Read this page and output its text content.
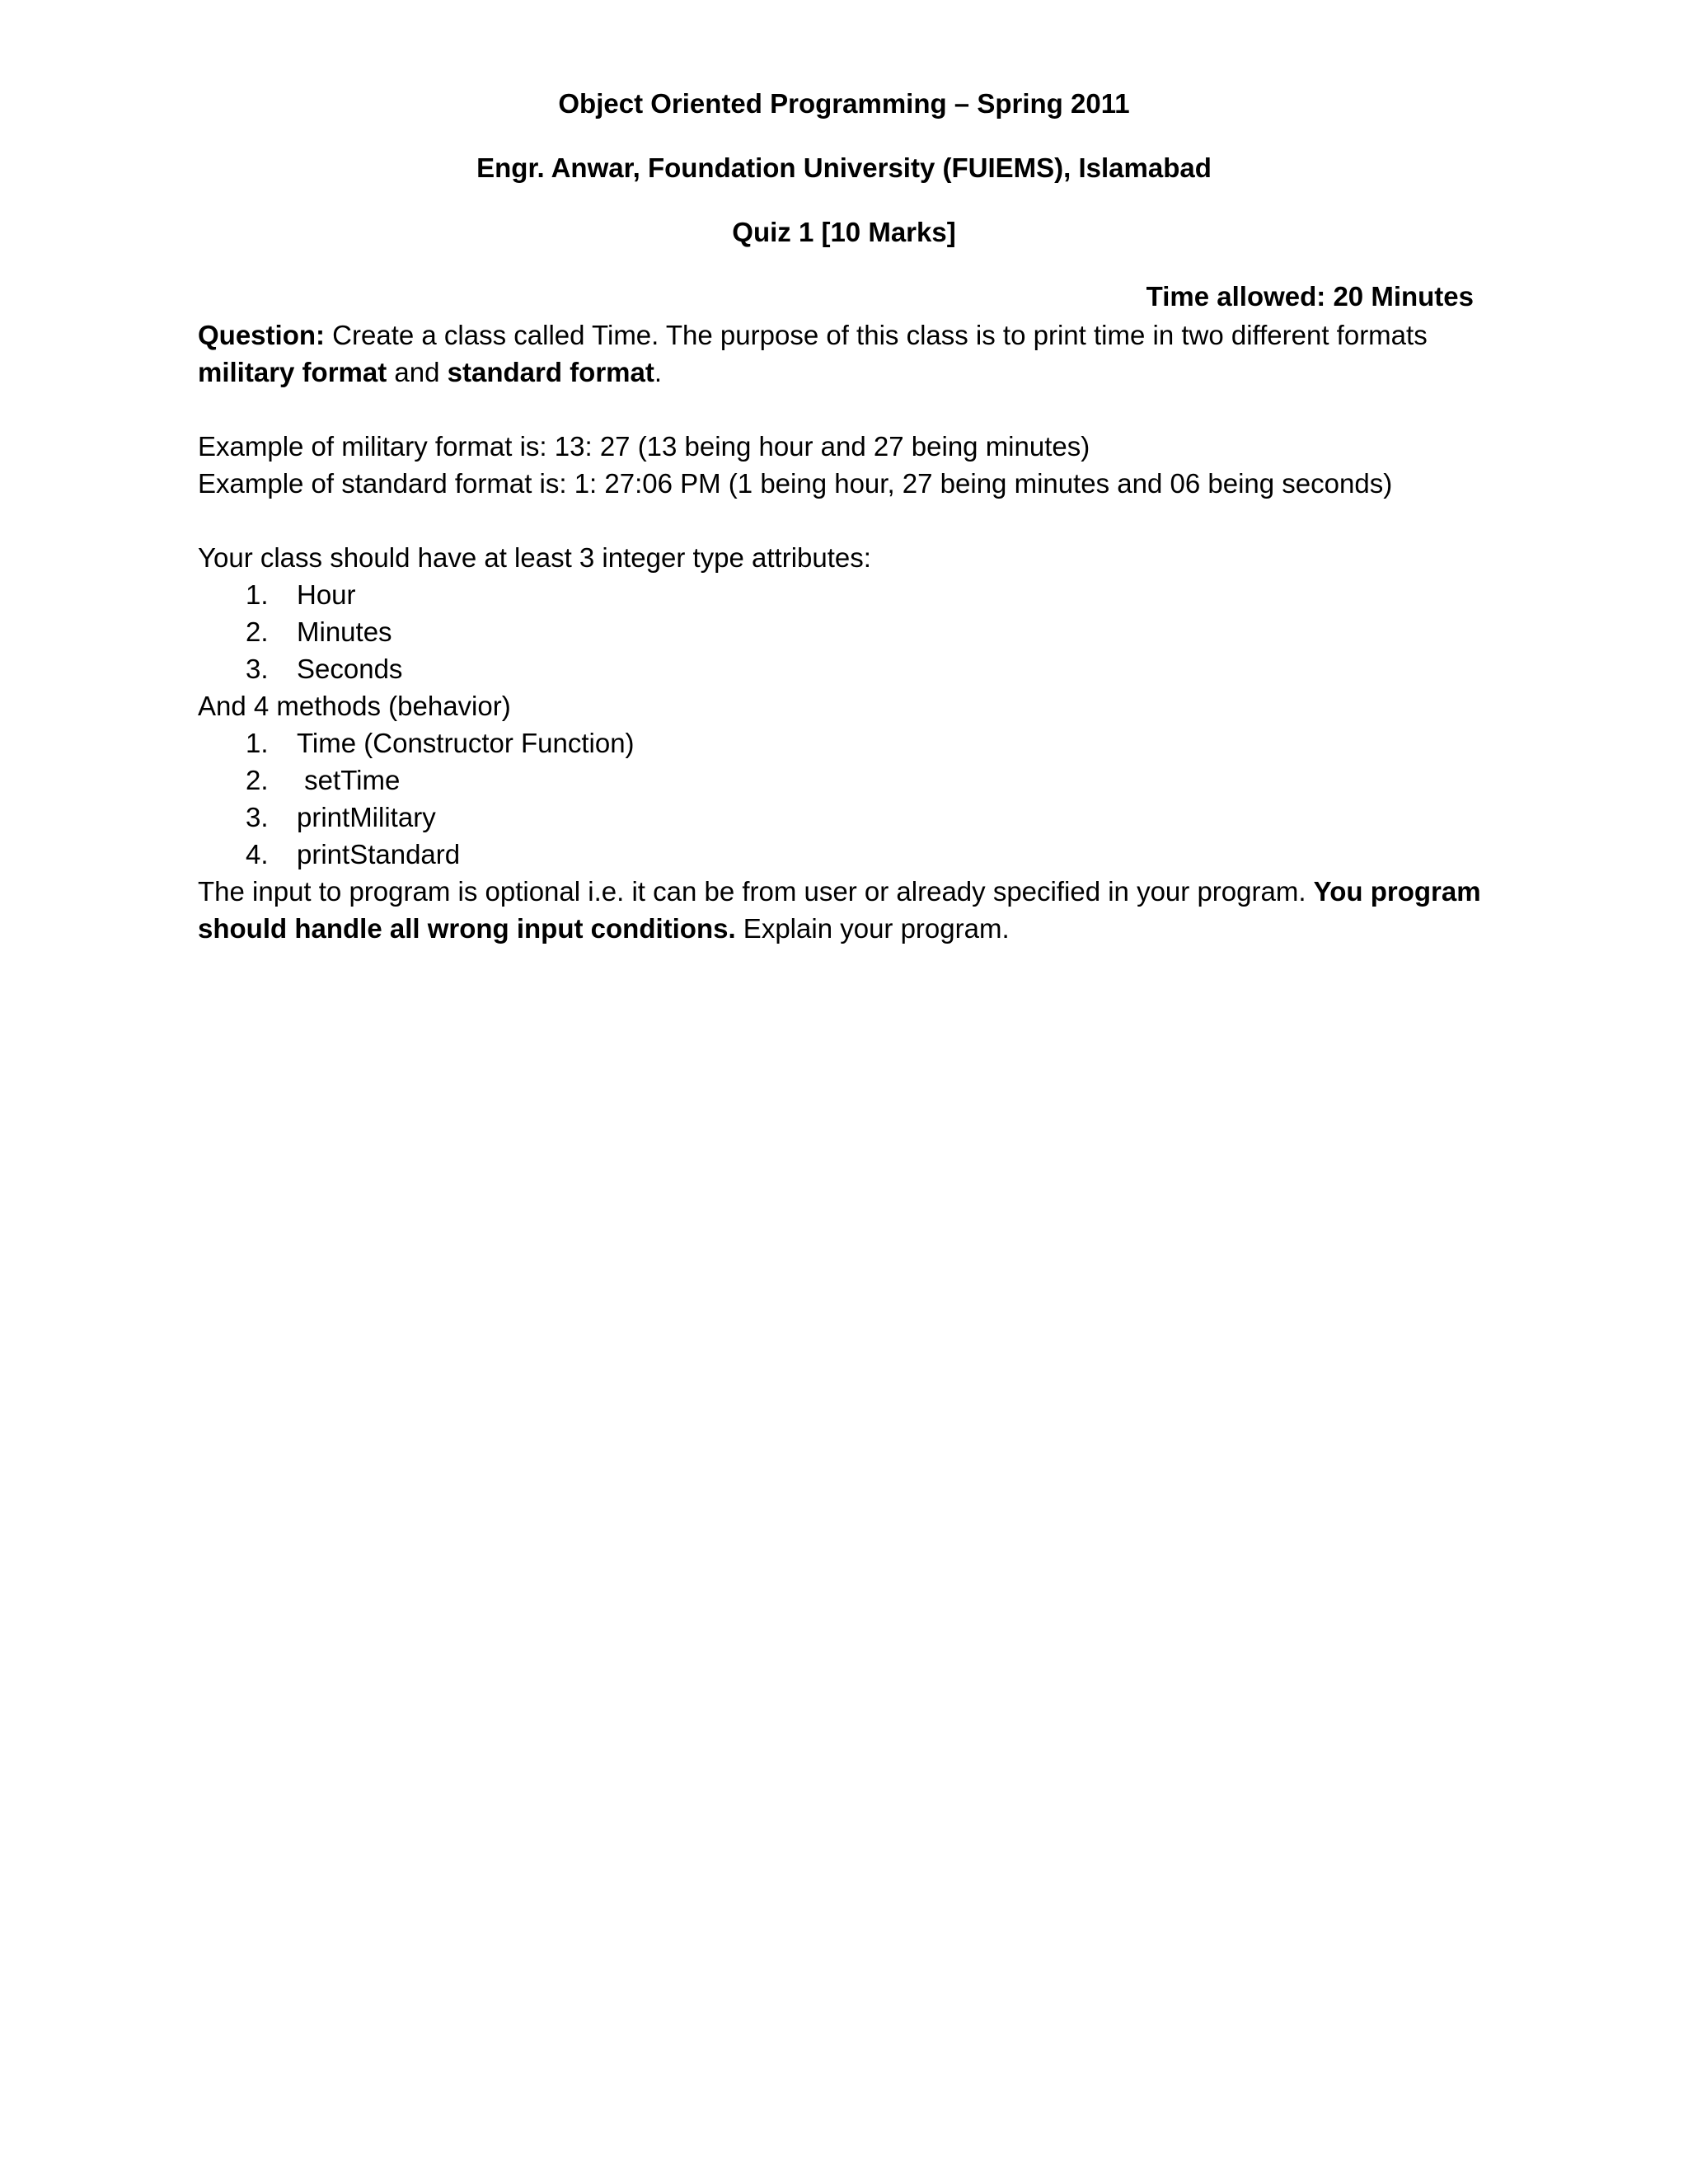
Object Oriented Programming – Spring 2011
Engr. Anwar, Foundation University (FUIEMS), Islamabad
Quiz 1 [10 Marks]
Time allowed: 20 Minutes

Question: Create a class called Time. The purpose of this class is to print time in two different formats military format and standard format.

Example of military format is: 13: 27 (13 being hour and 27 being minutes)

Example of standard format is: 1: 27:06 PM (1 being hour, 27 being minutes and 06 being seconds)

Your class should have at least 3 integer type attributes:

1. Hour
2. Minutes
3. Seconds

And 4 methods (behavior)

1. Time (Constructor Function)
2. setTime
3. printMilitary
4. printStandard

The input to program is optional i.e. it can be from user or already specified in your program. You program should handle all wrong input conditions. Explain your program.
